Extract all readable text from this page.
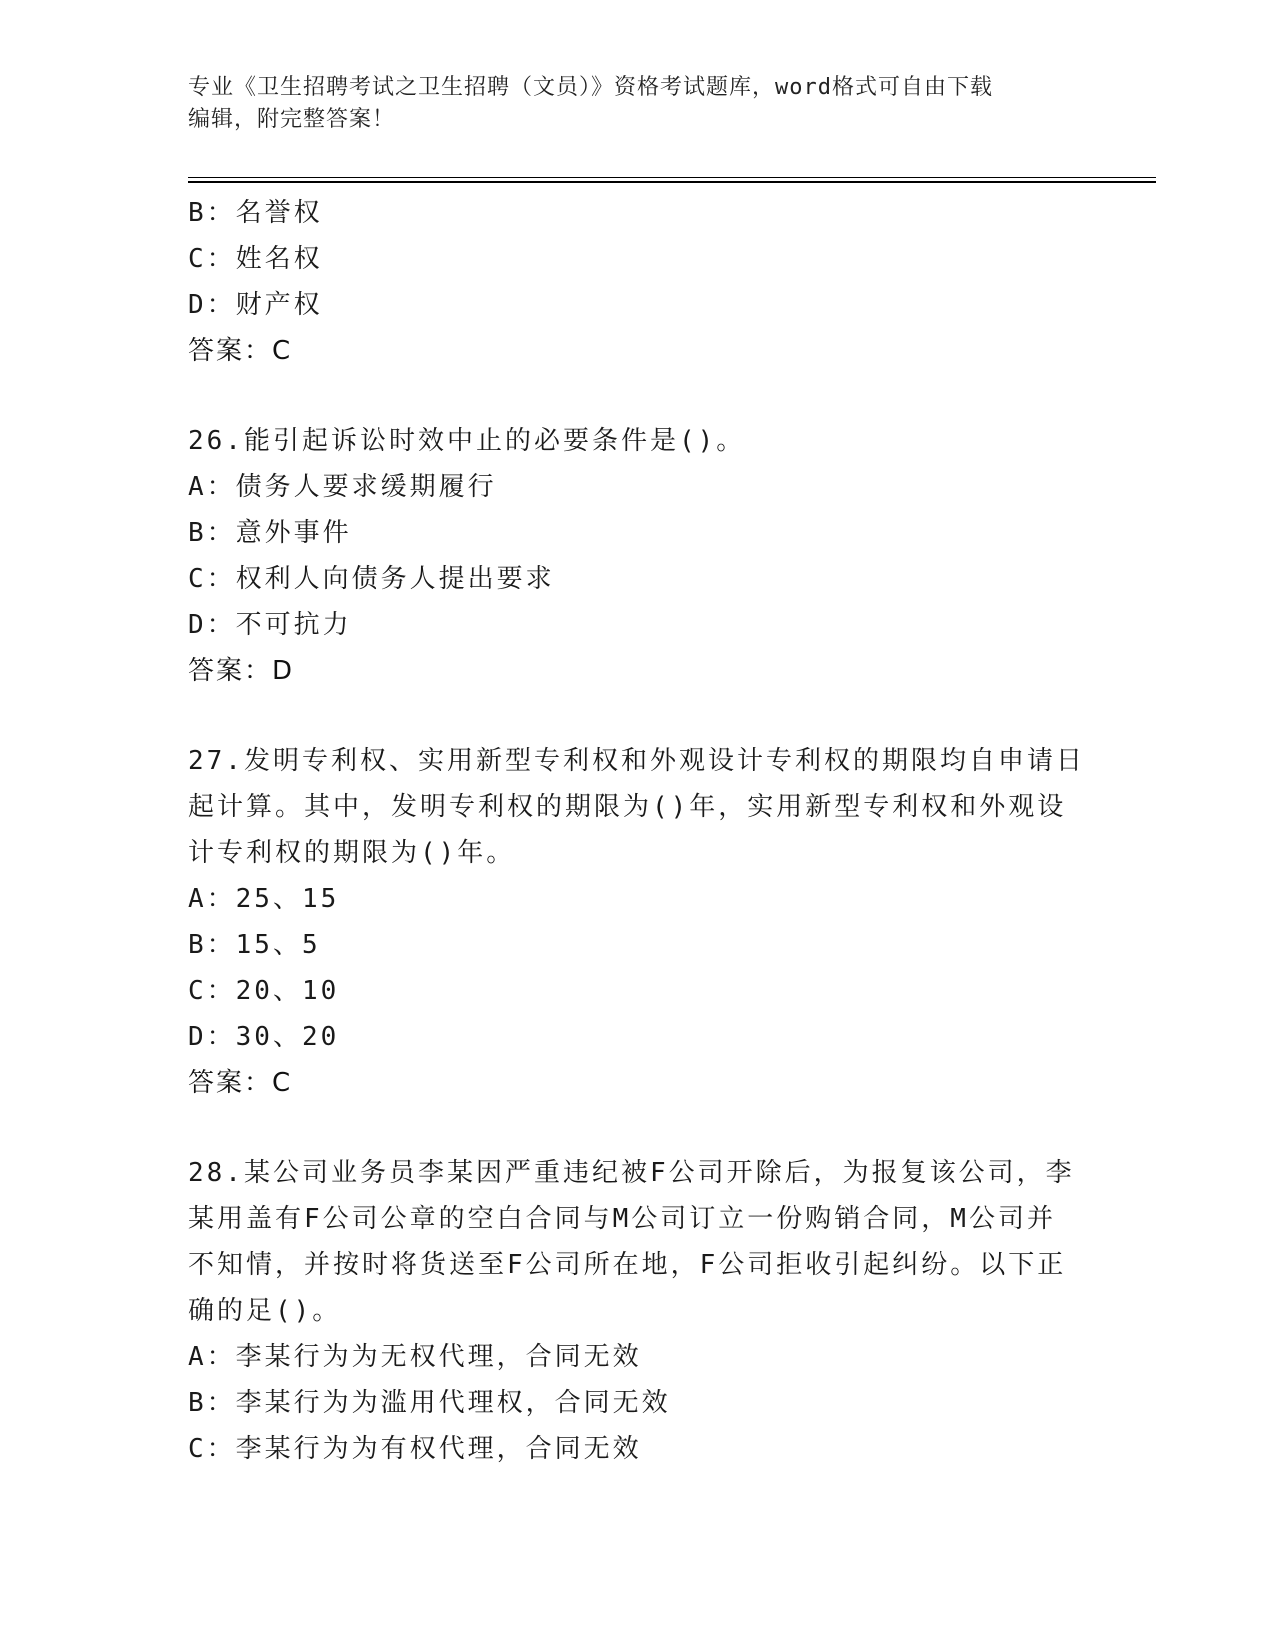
专业《卫生招聘考试之卫生招聘（文员）》资格考试题库，word格式可自由下载
编辑，附完整答案！
B：名誉权
C：姓名权
D：财产权
答案：C
26.能引起诉讼时效中止的必要条件是()。
A：债务人要求缓期履行
B：意外事件
C：权利人向债务人提出要求
D：不可抗力
答案：D
27.发明专利权、实用新型专利权和外观设计专利权的期限均自申请日
起计算。其中，发明专利权的期限为()年，实用新型专利权和外观设
计专利权的期限为()年。
A：25、15
B：15、5
C：20、10
D：30、20
答案：C
28.某公司业务员李某因严重违纪被F公司开除后，为报复该公司，李
某用盖有F公司公章的空白合同与M公司订立一份购销合同，M公司并
不知情，并按时将货送至F公司所在地，F公司拒收引起纠纷。以下正
确的足()。
A：李某行为为无权代理，合同无效
B：李某行为为滥用代理权，合同无效
C：李某行为为有权代理，合同无效
